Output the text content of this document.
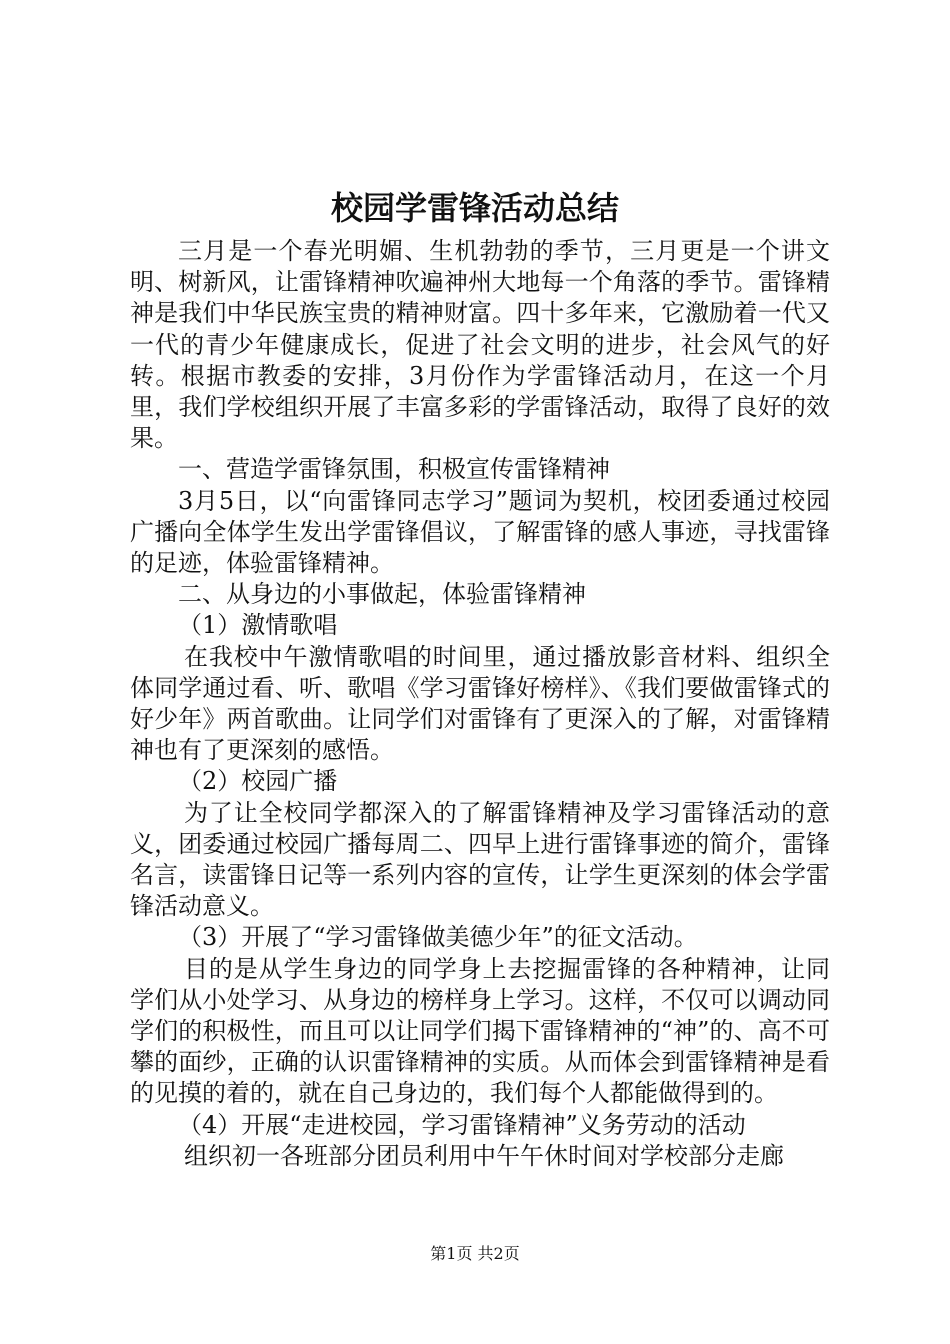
校园学雷锋活动总结

三月是一个春光明媚、生机勃勃的季节，三月更是一个讲文明、树新风，让雷锋精神吹遍神州大地每一个角落的季节。雷锋精神是我们中华民族宝贵的精神财富。四十多年来，它激励着一代又一代的青少年健康成长，促进了社会文明的进步，社会风气的好转。根据市教委的安排，3月份作为学雷锋活动月，在这一个月里，我们学校组织开展了丰富多彩的学雷锋活动，取得了良好的效果。

一、营造学雷锋氛围，积极宣传雷锋精神

3月5日，以“向雷锋同志学习”题词为契机，校团委通过校园广播向全体学生发出学雷锋倡议，了解雷锋的感人事迹，寻找雷锋的足迹，体验雷锋精神。

二、从身边的小事做起，体验雷锋精神

（1）激情歌唱

在我校中午激情歌唱的时间里，通过播放影音材料、组织全体同学通过看、听、歌唱《学习雷锋好榜样》、《我们要做雷锋式的好少年》两首歌曲。让同学们对雷锋有了更深入的了解，对雷锋精神也有了更深刻的感悟。

（2）校园广播

为了让全校同学都深入的了解雷锋精神及学习雷锋活动的意义，团委通过校园广播每周二、四早上进行雷锋事迹的简介，雷锋名言，读雷锋日记等一系列内容的宣传，让学生更深刻的体会学雷锋活动意义。

（3）开展了“学习雷锋做美德少年”的征文活动。

目的是从学生身边的同学身上去挖掘雷锋的各种精神，让同学们从小处学习、从身边的榜样身上学习。这样，不仅可以调动同学们的积极性，而且可以让同学们揭下雷锋精神的“神”的、高不可攀的面纱，正确的认识雷锋精神的实质。从而体会到雷锋精神是看的见摸的着的，就在自己身边的，我们每个人都能做得到的。

（4）开展“走进校园，学习雷锋精神”义务劳动的活动

组织初一各班部分团员利用中午午休时间对学校部分走廊

第1页 共2页
